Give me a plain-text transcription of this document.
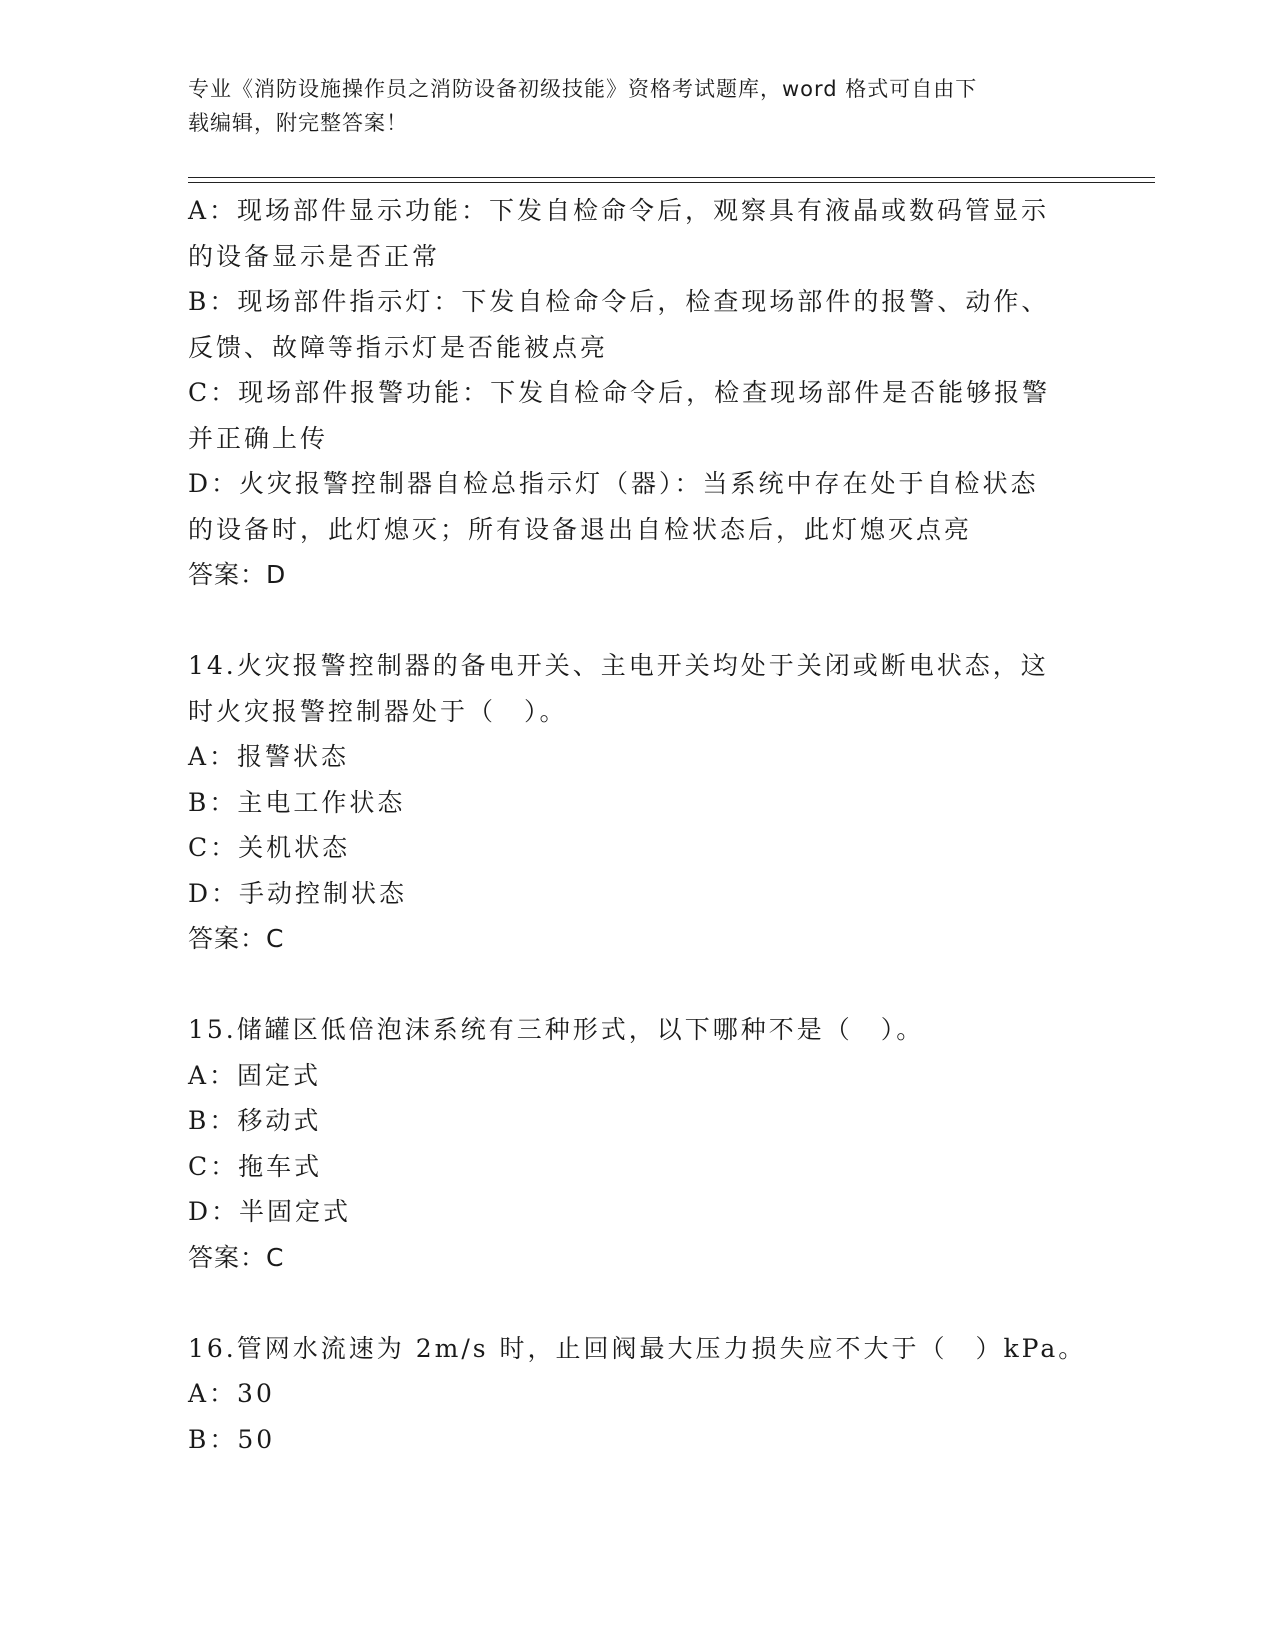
专业《消防设施操作员之消防设备初级技能》资格考试题库，word 格式可自由下
载编辑，附完整答案！
A：现场部件显示功能：下发自检命令后，观察具有液晶或数码管显示
的设备显示是否正常
B：现场部件指示灯：下发自检命令后，检查现场部件的报警、动作、
反馈、故障等指示灯是否能被点亮
C：现场部件报警功能：下发自检命令后，检查现场部件是否能够报警
并正确上传
D：火灾报警控制器自检总指示灯（器）：当系统中存在处于自检状态
的设备时，此灯熄灭；所有设备退出自检状态后，此灯熄灭点亮
答案：D
14.火灾报警控制器的备电开关、主电开关均处于关闭或断电状态，这
时火灾报警控制器处于（　）。
A：报警状态
B：主电工作状态
C：关机状态
D：手动控制状态
答案：C
15.储罐区低倍泡沫系统有三种形式，以下哪种不是（　）。
A：固定式
B：移动式
C：拖车式
D：半固定式
答案：C
16.管网水流速为 2m/s 时，止回阀最大压力损失应不大于（　）kPa。
A：30
B：50
